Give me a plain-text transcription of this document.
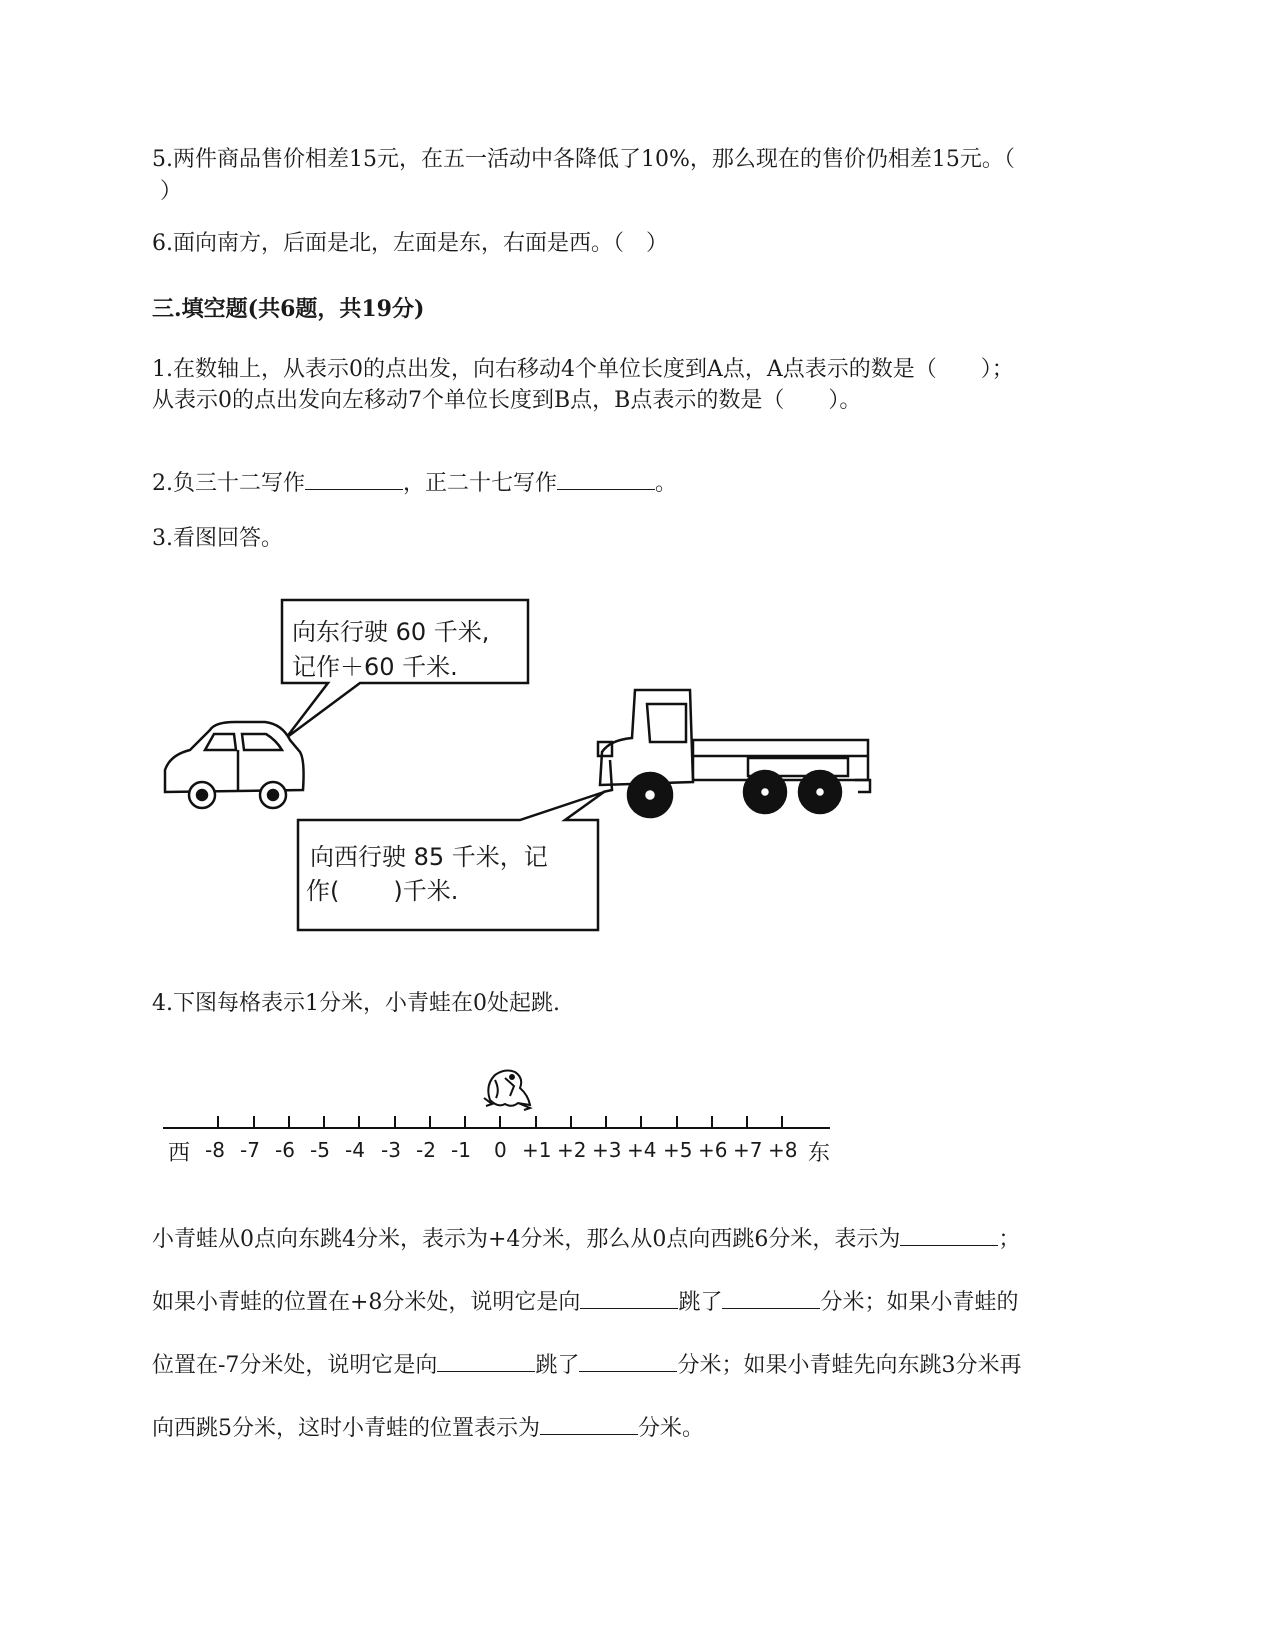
5.两件商品售价相差15元，在五一活动中各降低了10%，那么现在的售价仍相差15元。（
）
6.面向南方，后面是北，左面是东，右面是西。（　）
三.填空题(共6题，共19分)
1.在数轴上，从表示0的点出发，向右移动4个单位长度到A点，A点表示的数是（ ）；
从表示0的点出发向左移动7个单位长度到B点，B点表示的数是（ ）。
2.负三十二写作	，正二十七写作	。
3.看图回答。
向东行驶 60 千米,
记作＋60 千米.
向西行驶 85 千米，记
作( )千米.
4.下图每格表示1分米，小青蛙在0处起跳.
西 -8 -7 -6 -5 -4 -3 -2 -1 0 +1 +2 +3 +4 +5 +6 +7 +8 东
小青蛙从0点向东跳4分米，表示为+4分米，那么从0点向西跳6分米，表示为	；
如果小青蛙的位置在+8分米处，说明它是向	跳了	分米；如果小青蛙的
位置在-7分米处，说明它是向	跳了	分米；如果小青蛙先向东跳3分米再
向西跳5分米，这时小青蛙的位置表示为	分米。
